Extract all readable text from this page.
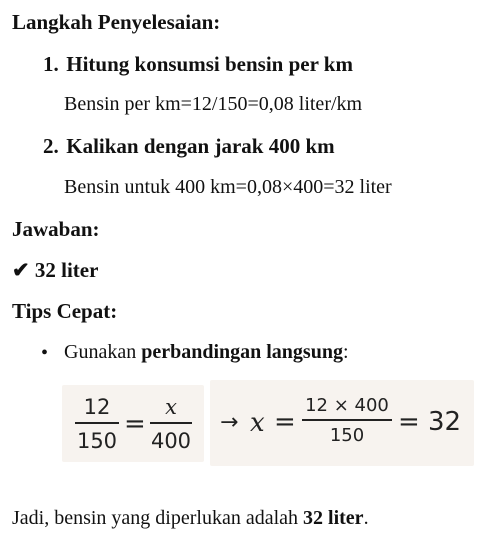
Langkah Penyelesaian:
1. Hitung konsumsi bensin per km
Bensin per km=12/150=0,08 liter/km
2. Kalikan dengan jarak 400 km
Bensin untuk 400 km=0,08×400=32 liter
Jawaban:
✔ 32 liter
Tips Cepat:
• Gunakan perbandingan langsung:
12
150
=
x
400
→ x =
12 × 400
150	= 32
Jadi, bensin yang diperlukan adalah 32 liter.
